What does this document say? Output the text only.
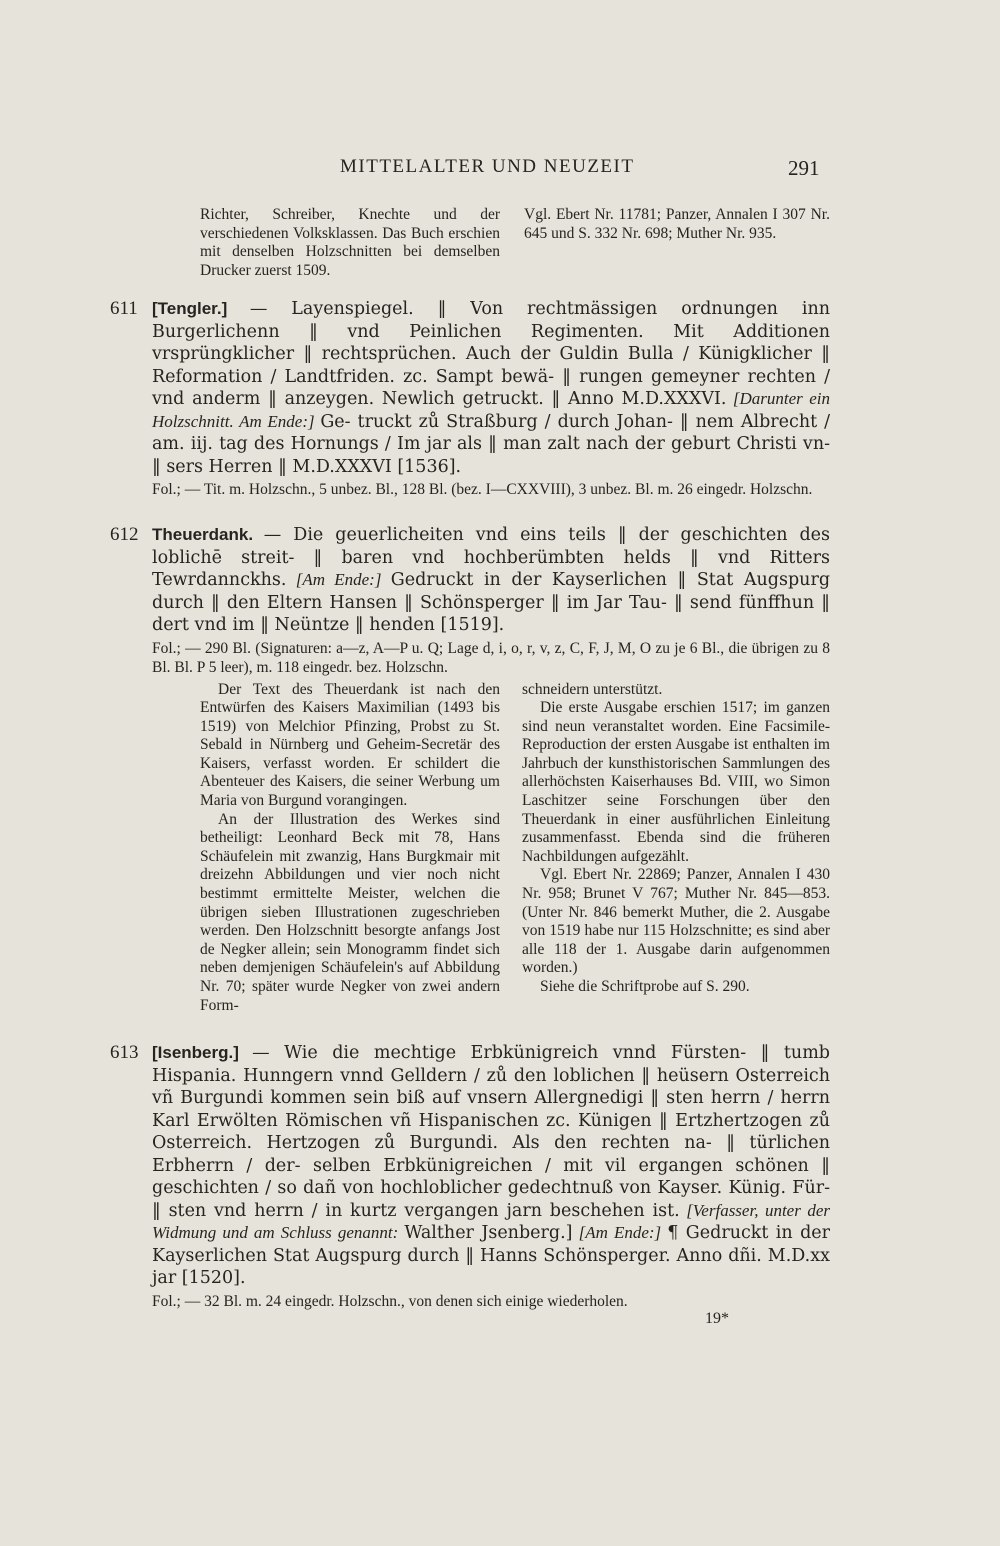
MITTELALTER UND NEUZEIT	291

Richter, Schreiber, Knechte und der verschiedenen Volksklassen. Das Buch erschien mit denselben Holzschnitten bei demselben Drucker zuerst 1509.

Vgl. Ebert Nr. 11781; Panzer, Annalen I 307 Nr. 645 und S. 332 Nr. 698; Muther Nr. 935.

611 [Tengler.] — Layenspiegel. ‖ Von rechtmässigen ordnungen inn Burgerlichenn ‖ vnd Peinlichen Regimenten. Mit Additionen vrsprüngklicher ‖ rechtsprüchen. Auch der Guldin Bulla / Künigklicher ‖ Reformation / Landtfriden. zc. Sampt bewä- ‖ rungen gemeyner rechten / vnd anderm ‖ anzeygen. Newlich getruckt. ‖ Anno M.D.XXXVI. [Darunter ein Holzschnitt. Am Ende:] Ge- truckt zů Straßburg / durch Johan- ‖ nem Albrecht / am. iij. tag des Hornungs / Im jar als ‖ man zalt nach der geburt Christi vn- ‖ sers Herren ‖ M.D.XXXVI [1536].

Fol.; — Tit. m. Holzschn., 5 unbez. Bl., 128 Bl. (bez. I—CXXVIII), 3 unbez. Bl. m. 26 eingedr. Holzschn.

612 Theuerdank. — Die geuerlicheiten vnd eins teils ‖ der geschichten des loblichē streit- ‖ baren vnd hochberümbten helds ‖ vnd Ritters Tewrdannckhs. [Am Ende:] Gedruckt in der Kayserlichen ‖ Stat Augspurg durch ‖ den Eltern Hansen ‖ Schönsperger ‖ im Jar Tau- ‖ send fünffhun ‖ dert vnd im ‖ Neüntze ‖ henden [1519].

Fol.; — 290 Bl. (Signaturen: a—z, A—P u. Q; Lage d, i, o, r, v, z, C, F, J, M, O zu je 6 Bl., die übrigen zu 8 Bl. Bl. P 5 leer), m. 118 eingedr. bez. Holzschn.

Der Text des Theuerdank ist nach den Entwürfen des Kaisers Maximilian (1493 bis 1519) von Melchior Pfinzing, Probst zu St. Sebald in Nürnberg und Geheim-Secretär des Kaisers, verfasst worden. Er schildert die Abenteuer des Kaisers, die seiner Werbung um Maria von Burgund vorangingen.

An der Illustration des Werkes sind betheiligt: Leonhard Beck mit 78, Hans Schäufelein mit zwanzig, Hans Burgkmair mit dreizehn Abbildungen und vier noch nicht bestimmt ermittelte Meister, welchen die übrigen sieben Illustrationen zugeschrieben werden. Den Holzschnitt besorgte anfangs Jost de Negker allein; sein Monogramm findet sich neben demjenigen Schäufelein's auf Abbildung Nr. 70; später wurde Negker von zwei andern Form-

schneidern unterstützt.

Die erste Ausgabe erschien 1517; im ganzen sind neun veranstaltet worden. Eine Facsimile-Reproduction der ersten Ausgabe ist enthalten im Jahrbuch der kunsthistorischen Sammlungen des allerhöchsten Kaiserhauses Bd. VIII, wo Simon Laschitzer seine Forschungen über den Theuerdank in einer ausführlichen Einleitung zusammenfasst. Ebenda sind die früheren Nachbildungen aufgezählt.

Vgl. Ebert Nr. 22869; Panzer, Annalen I 430 Nr. 958; Brunet V 767; Muther Nr. 845—853. (Unter Nr. 846 bemerkt Muther, die 2. Ausgabe von 1519 habe nur 115 Holzschnitte; es sind aber alle 118 der 1. Ausgabe darin aufgenommen worden.)

Siehe die Schriftprobe auf S. 290.

613 [Isenberg.] — Wie die mechtige Erbkünigreich vnnd Fürsten- ‖ tumb Hispania. Hunngern vnnd Gelldern / zů den loblichen ‖ heüsern Osterreich vñ Burgundi kommen sein biß auf vnsern Allergnedigi ‖ sten herrn / herrn Karl Erwölten Römischen vñ Hispanischen zc. Künigen ‖ Ertzhertzogen zů Osterreich. Hertzogen zů Burgundi. Als den rechten na- ‖ türlichen Erbherrn / der- selben Erbkünigreichen / mit vil ergangen schönen ‖ geschichten / so dañ von hochloblicher gedechtnuß von Kayser. Künig. Für- ‖ sten vnd herrn / in kurtz vergangen jarn beschehen ist. [Verfasser, unter der Widmung und am Schluss genannt: Walther Jsenberg.] [Am Ende:] ¶ Gedruckt in der Kayserlichen Stat Augspurg durch ‖ Hanns Schönsperger. Anno dñi. M.D.xx jar [1520].

Fol.; — 32 Bl. m. 24 eingedr. Holzschn., von denen sich einige wiederholen.

19*
